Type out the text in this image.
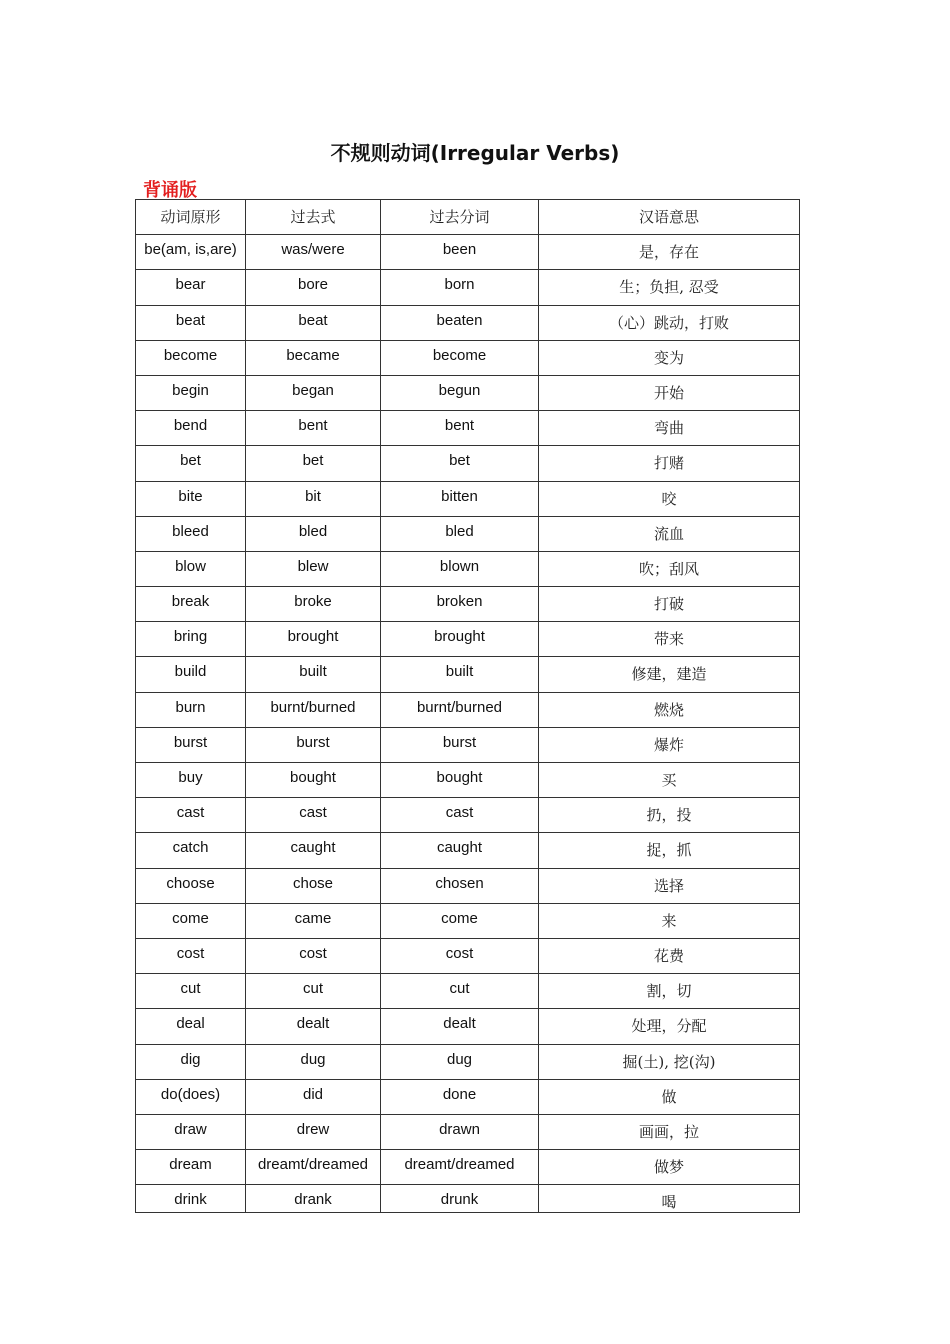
不规则动词(Irregular Verbs)
背诵版
动词原形	过去式	过去分词	汉语意思
be(am, is,are)	was/were	been	是，存在
bear	bore	born	生；负担, 忍受
beat	beat	beaten	（心）跳动，打败
become	became	become	变为
begin	began	begun	开始
bend	bent	bent	弯曲
bet	bet	bet	打赌
bite	bit	bitten	咬
bleed	bled	bled	流血
blow	blew	blown	吹；刮风
break	broke	broken	打破
bring	brought	brought	带来
build	built	built	修建，建造
burn	burnt/burned	burnt/burned	燃烧
burst	burst	burst	爆炸
buy	bought	bought	买
cast	cast	cast	扔，投
catch	caught	caught	捉，抓
choose	chose	chosen	选择
come	came	come	来
cost	cost	cost	花费
cut	cut	cut	割，切
deal	dealt	dealt	处理，分配
dig	dug	dug	掘(土), 挖(沟)
do(does)	did	done	做
draw	drew	drawn	画画，拉
dream	dreamt/dreamed	dreamt/dreamed	做梦
drink	drank	drunk	喝
